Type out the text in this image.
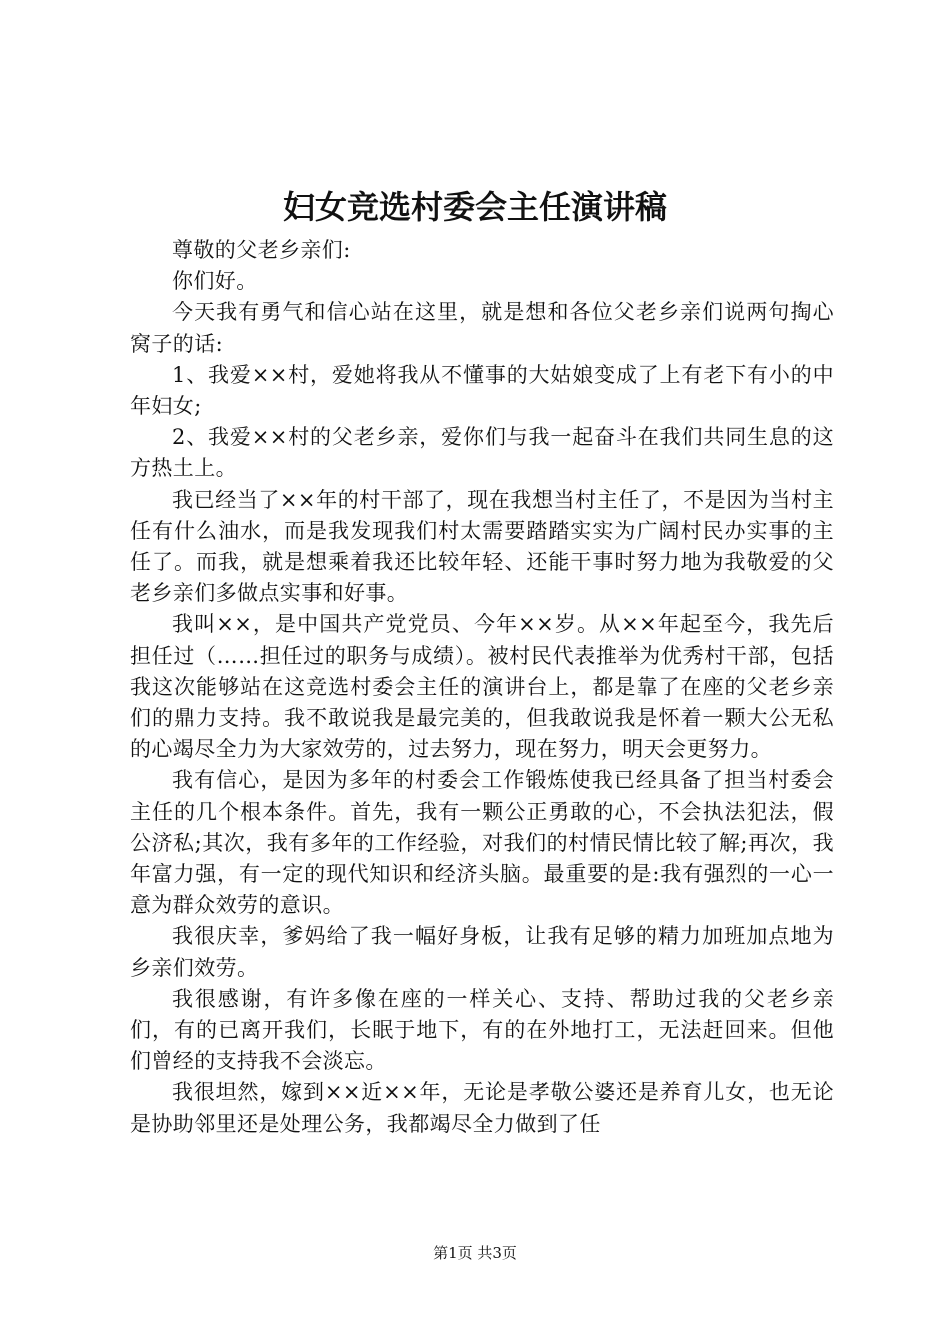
妇女竞选村委会主任演讲稿

尊敬的父老乡亲们:

你们好。

今天我有勇气和信心站在这里，就是想和各位父老乡亲们说两句掏心窝子的话:

1、我爱××村，爱她将我从不懂事的大姑娘变成了上有老下有小的中年妇女;

2、我爱××村的父老乡亲，爱你们与我一起奋斗在我们共同生息的这方热土上。

我已经当了××年的村干部了，现在我想当村主任了，不是因为当村主任有什么油水，而是我发现我们村太需要踏踏实实为广阔村民办实事的主任了。而我，就是想乘着我还比较年轻、还能干事时努力地为我敬爱的父老乡亲们多做点实事和好事。

我叫××，是中国共产党党员、今年××岁。从××年起至今，我先后担任过（……担任过的职务与成绩）。被村民代表推举为优秀村干部，包括我这次能够站在这竞选村委会主任的演讲台上，都是靠了在座的父老乡亲们的鼎力支持。我不敢说我是最完美的，但我敢说我是怀着一颗大公无私的心竭尽全力为大家效劳的，过去努力，现在努力，明天会更努力。

我有信心，是因为多年的村委会工作锻炼使我已经具备了担当村委会主任的几个根本条件。首先，我有一颗公正勇敢的心，不会执法犯法，假公济私;其次，我有多年的工作经验，对我们的村情民情比较了解;再次，我年富力强，有一定的现代知识和经济头脑。最重要的是:我有强烈的一心一意为群众效劳的意识。

我很庆幸，爹妈给了我一幅好身板，让我有足够的精力加班加点地为乡亲们效劳。

我很感谢，有许多像在座的一样关心、支持、帮助过我的父老乡亲们，有的已离开我们，长眠于地下，有的在外地打工，无法赶回来。但他们曾经的支持我不会淡忘。

我很坦然，嫁到××近××年，无论是孝敬公婆还是养育儿女，也无论是协助邻里还是处理公务，我都竭尽全力做到了任

第1页 共3页
